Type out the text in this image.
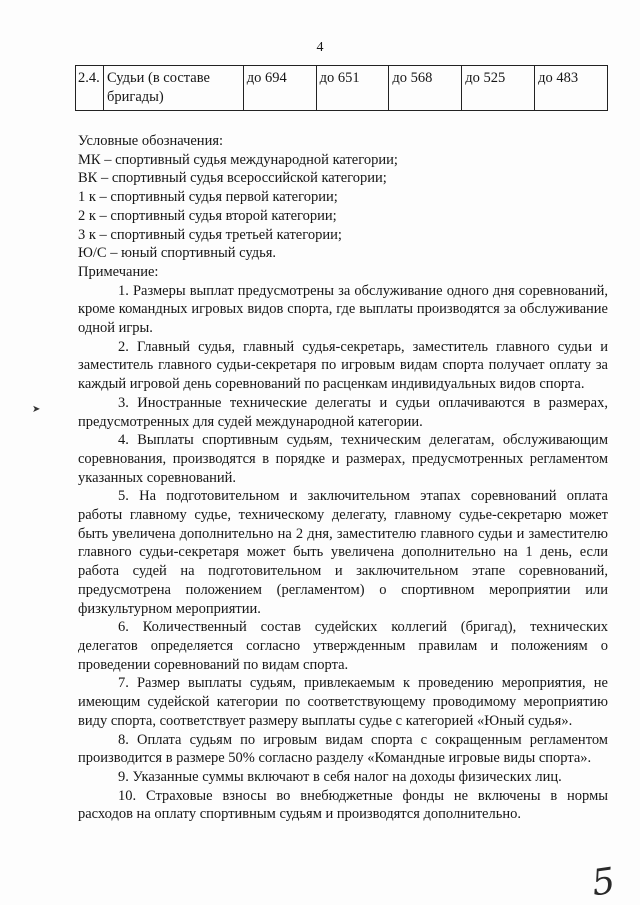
4
2.4.	Судьи (в составе бригады)	до 694	до 651	до 568	до 525	до 483

Условные обозначения:

МК – спортивный судья международной категории;

ВК – спортивный судья всероссийской категории;

1 к – спортивный судья первой категории;

2 к – спортивный судья второй категории;

3 к – спортивный судья третьей категории;

Ю/С – юный спортивный судья.

Примечание:

1. Размеры выплат предусмотрены за обслуживание одного дня соревнований, кроме командных игровых видов спорта, где выплаты производятся за обслуживание одной игры.

2. Главный судья, главный судья-секретарь, заместитель главного судьи и заместитель главного судьи-секретаря по игровым видам спорта получает оплату за каждый игровой день соревнований по расценкам индивидуальных видов спорта.

3. Иностранные технические делегаты и судьи оплачиваются в размерах, предусмотренных для судей международной категории.

4. Выплаты спортивным судьям, техническим делегатам, обслуживающим соревнования, производятся в порядке и размерах, предусмотренных регламентом указанных соревнований.

5. На подготовительном и заключительном этапах соревнований оплата работы главному судье, техническому делегату, главному судье-секретарю может быть увеличена дополнительно на 2 дня, заместителю главного судьи и заместителю главного судьи-секретаря может быть увеличена дополнительно на 1 день, если работа судей на подготовительном и заключительном этапе соревнований, предусмотрена положением (регламентом) о спортивном мероприятии или физкультурном мероприятии.

6. Количественный состав судейских коллегий (бригад), технических делегатов определяется согласно утвержденным правилам и положениям о проведении соревнований по видам спорта.

7. Размер выплаты судьям, привлекаемым к проведению мероприятия, не имеющим судейской категории по соответствующему проводимому мероприятию виду спорта, соответствует размеру выплаты судье с категорией «Юный судья».

8. Оплата судьям по игровым видам спорта с сокращенным регламентом производится в размере 50% согласно разделу «Командные игровые виды спорта».

9. Указанные суммы включают в себя налог на доходы физических лиц.

10. Страховые взносы во внебюджетные фонды не включены в нормы расходов на оплату спортивным судьям и производятся дополнительно.

➤
5
